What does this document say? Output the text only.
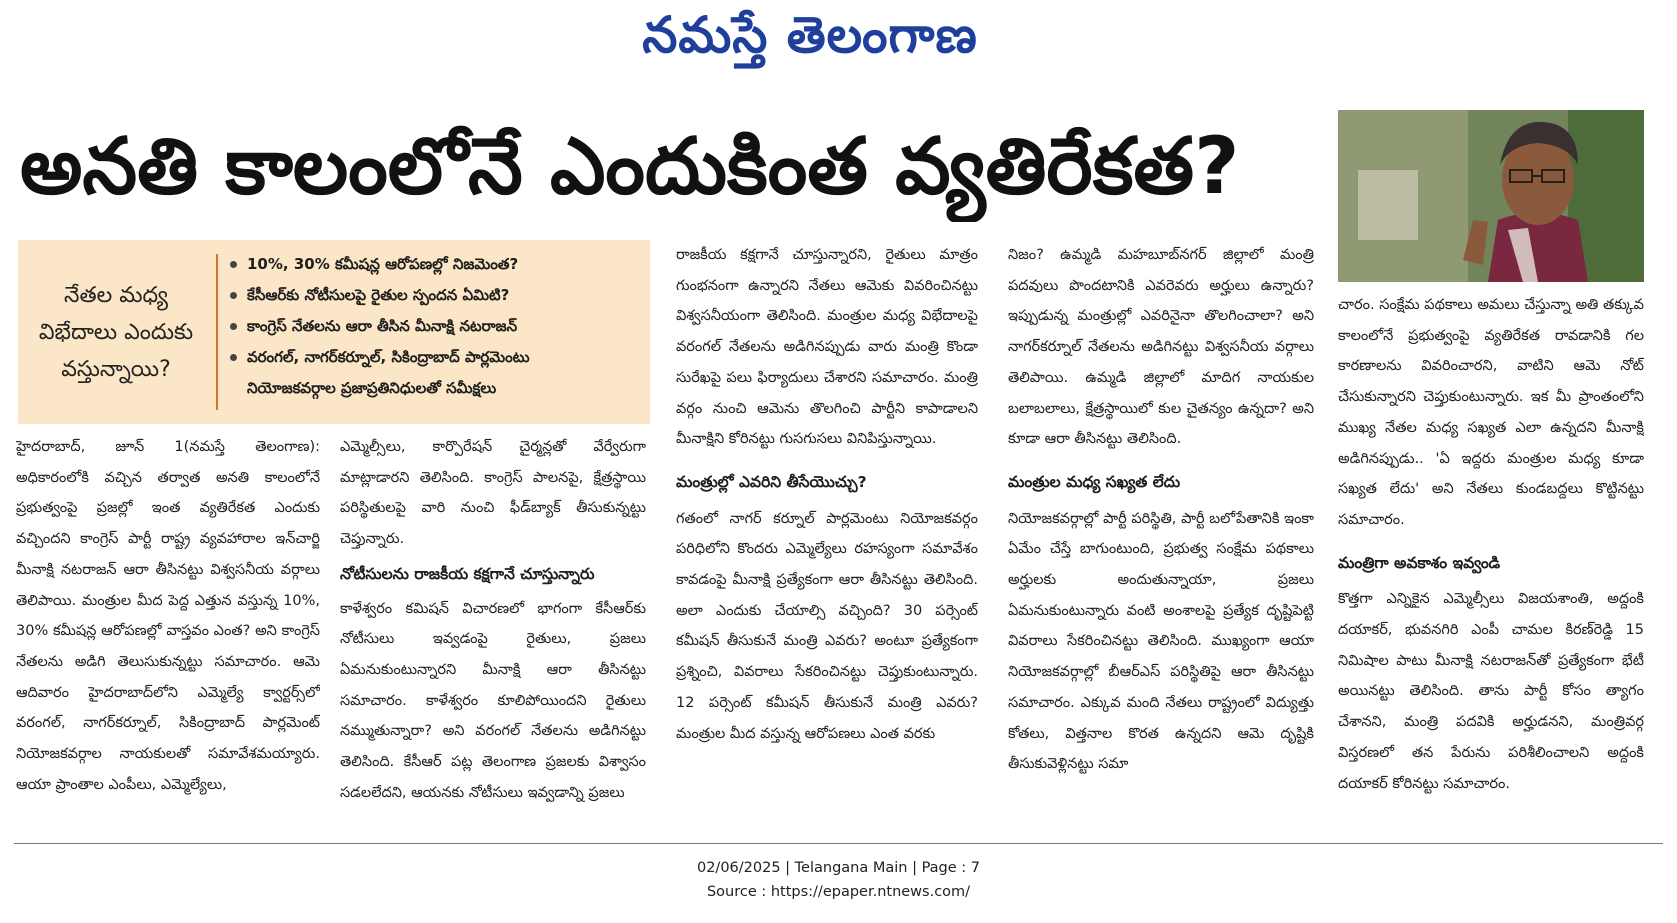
నమస్తే తెలంగాణ
అనతి కాలంలోనే ఎందుకింత వ్యతిరేకత?
నేతల మధ్య విభేదాలు ఎందుకు వస్తున్నాయి?
10%, 30% కమీషన్ల ఆరోపణల్లో నిజమెంత?
కేసీఆర్‌కు నోటీసులపై రైతుల స్పందన ఏమిటి?
కాంగ్రెస్ నేతలను ఆరా తీసిన మీనాక్షి నటరాజన్
వరంగల్, నాగర్‌కర్నూల్, సికింద్రాబాద్ పార్లమెంటు
నియోజకవర్గాల ప్రజాప్రతినిధులతో సమీక్షలు

హైదరాబాద్, జూన్ 1(నమస్తే తెలంగాణ): అధికారంలోకి వచ్చిన తర్వాత అనతి కాలంలోనే ప్రభుత్వంపై ప్రజల్లో ఇంత వ్యతిరేకత ఎందుకు వచ్చిందని కాంగ్రెస్ పార్టీ రాష్ట్ర వ్యవహారాల ఇన్‌చార్జి మీనాక్షి నటరాజన్ ఆరా తీసినట్టు విశ్వసనీయ వర్గాలు తెలిపాయి. మంత్రుల మీద పెద్ద ఎత్తున వస్తున్న 10%, 30% కమీషన్ల ఆరోపణల్లో వాస్తవం ఎంత? అని కాంగ్రెస్ నేతలను అడిగి తెలుసుకున్నట్టు సమాచారం. ఆమె ఆదివారం హైదరాబాద్‌లోని ఎమ్మెల్యే క్వార్టర్స్‌లో వరంగల్, నాగర్‌కర్నూల్, సికింద్రాబాద్ పార్లమెంట్ నియోజకవర్గాల నాయకులతో సమావేశమయ్యారు. ఆయా ప్రాంతాల ఎంపీలు, ఎమ్మెల్యేలు,

ఎమ్మెల్సీలు, కార్పొరేషన్ చైర్మన్లతో వేర్వేరుగా మాట్లాడారని తెలిసింది. కాంగ్రెస్ పాలనపై, క్షేత్రస్థాయి పరిస్థితులపై వారి నుంచి ఫీడ్‌బ్యాక్ తీసుకున్నట్టు చెప్తున్నారు.

నోటీసులను రాజకీయ కక్షగానే చూస్తున్నారు

కాళేశ్వరం కమిషన్ విచారణలో భాగంగా కేసీఆర్‌కు నోటీసులు ఇవ్వడంపై రైతులు, ప్రజలు ఏమనుకుంటున్నారని మీనాక్షి ఆరా తీసినట్టు సమాచారం. కాళేశ్వరం కూలిపోయిందని రైతులు నమ్ముతున్నారా? అని వరంగల్ నేతలను అడిగినట్టు తెలిసింది. కేసీఆర్ పట్ల తెలంగాణ ప్రజలకు విశ్వాసం సడలలేదని, ఆయనకు నోటీసులు ఇవ్వడాన్ని ప్రజలు

రాజకీయ కక్షగానే చూస్తున్నారని, రైతులు మాత్రం గుంభనంగా ఉన్నారని నేతలు ఆమెకు వివరించినట్టు విశ్వసనీయంగా తెలిసింది. మంత్రుల మధ్య విభేదాలపై వరంగల్ నేతలను అడిగినప్పుడు వారు మంత్రి కొండా సురేఖపై పలు ఫిర్యాదులు చేశారని సమాచారం. మంత్రి వర్గం నుంచి ఆమెను తొలగించి పార్టీని కాపాడాలని మీనాక్షిని కోరినట్టు గుసగుసలు వినిపిస్తున్నాయి.

మంత్రుల్లో ఎవరిని తీసేయొచ్చు?

గతంలో నాగర్ కర్నూల్ పార్లమెంటు నియోజకవర్గం పరిధిలోని కొందరు ఎమ్మెల్యేలు రహస్యంగా సమావేశం కావడంపై మీనాక్షి ప్రత్యేకంగా ఆరా తీసినట్టు తెలిసింది. అలా ఎందుకు చేయాల్సి వచ్చింది? 30 పర్సెంట్ కమీషన్ తీసుకునే మంత్రి ఎవరు? అంటూ ప్రత్యేకంగా ప్రశ్నించి, వివరాలు సేకరించినట్టు చెప్తుకుంటున్నారు. 12 పర్సెంట్ కమీషన్ తీసుకునే మంత్రి ఎవరు? మంత్రుల మీద వస్తున్న ఆరోపణలు ఎంత వరకు

నిజం? ఉమ్మడి మహబూబ్‌నగర్ జిల్లాలో మంత్రి పదవులు పొందటానికి ఎవరెవరు అర్హులు ఉన్నారు? ఇప్పుడున్న మంత్రుల్లో ఎవరినైనా తొలగించాలా? అని నాగర్‌కర్నూల్ నేతలను అడిగినట్టు విశ్వసనీయ వర్గాలు తెలిపాయి. ఉమ్మడి జిల్లాలో మాదిగ నాయకుల బలాబలాలు, క్షేత్రస్థాయిలో కుల చైతన్యం ఉన్నదా? అని కూడా ఆరా తీసినట్టు తెలిసింది.

మంత్రుల మధ్య సఖ్యత లేదు

నియోజకవర్గాల్లో పార్టీ పరిస్థితి, పార్టీ బలోపేతానికి ఇంకా ఏమేం చేస్తే బాగుంటుంది, ప్రభుత్వ సంక్షేమ పథకాలు అర్హులకు అందుతున్నాయా, ప్రజలు ఏమనుకుంటున్నారు వంటి అంశాలపై ప్రత్యేక దృష్టిపెట్టి వివరాలు సేకరించినట్టు తెలిసింది. ముఖ్యంగా ఆయా నియోజకవర్గాల్లో బీఆర్‌ఎస్ పరిస్థితిపై ఆరా తీసినట్టు సమాచారం. ఎక్కువ మంది నేతలు రాష్ట్రంలో విద్యుత్తు కోతలు, విత్తనాల కొరత ఉన్నదని ఆమె దృష్టికి తీసుకువెళ్లినట్టు సమా

చారం. సంక్షేమ పథకాలు అమలు చేస్తున్నా అతి తక్కువ కాలంలోనే ప్రభుత్వంపై వ్యతిరేకత రావడానికి గల కారణాలను వివరించారని, వాటిని ఆమె నోట్ చేసుకున్నారని చెప్తుకుంటున్నారు. ఇక మీ ప్రాంతంలోని ముఖ్య నేతల మధ్య సఖ్యత ఎలా ఉన్నదని మీనాక్షి అడిగినప్పుడు.. 'ఏ ఇద్దరు మంత్రుల మధ్య కూడా సఖ్యత లేదు' అని నేతలు కుండబద్దలు కొట్టినట్టు సమాచారం.

మంత్రిగా అవకాశం ఇవ్వండి

కొత్తగా ఎన్నికైన ఎమ్మెల్సీలు విజయశాంతి, అద్దంకి దయాకర్, భువనగిరి ఎంపీ చామల కిరణ్‌రెడ్డి 15 నిమిషాల పాటు మీనాక్షి నటరాజన్‌తో ప్రత్యేకంగా భేటీ అయినట్టు తెలిసింది. తాను పార్టీ కోసం త్యాగం చేశానని, మంత్రి పదవికి అర్హుడనని, మంత్రివర్గ విస్తరణలో తన పేరును పరిశీలించాలని అద్దంకి దయాకర్ కోరినట్టు సమాచారం.

02/06/2025 | Telangana Main | Page : 7
Source : https://epaper.ntnews.com/
